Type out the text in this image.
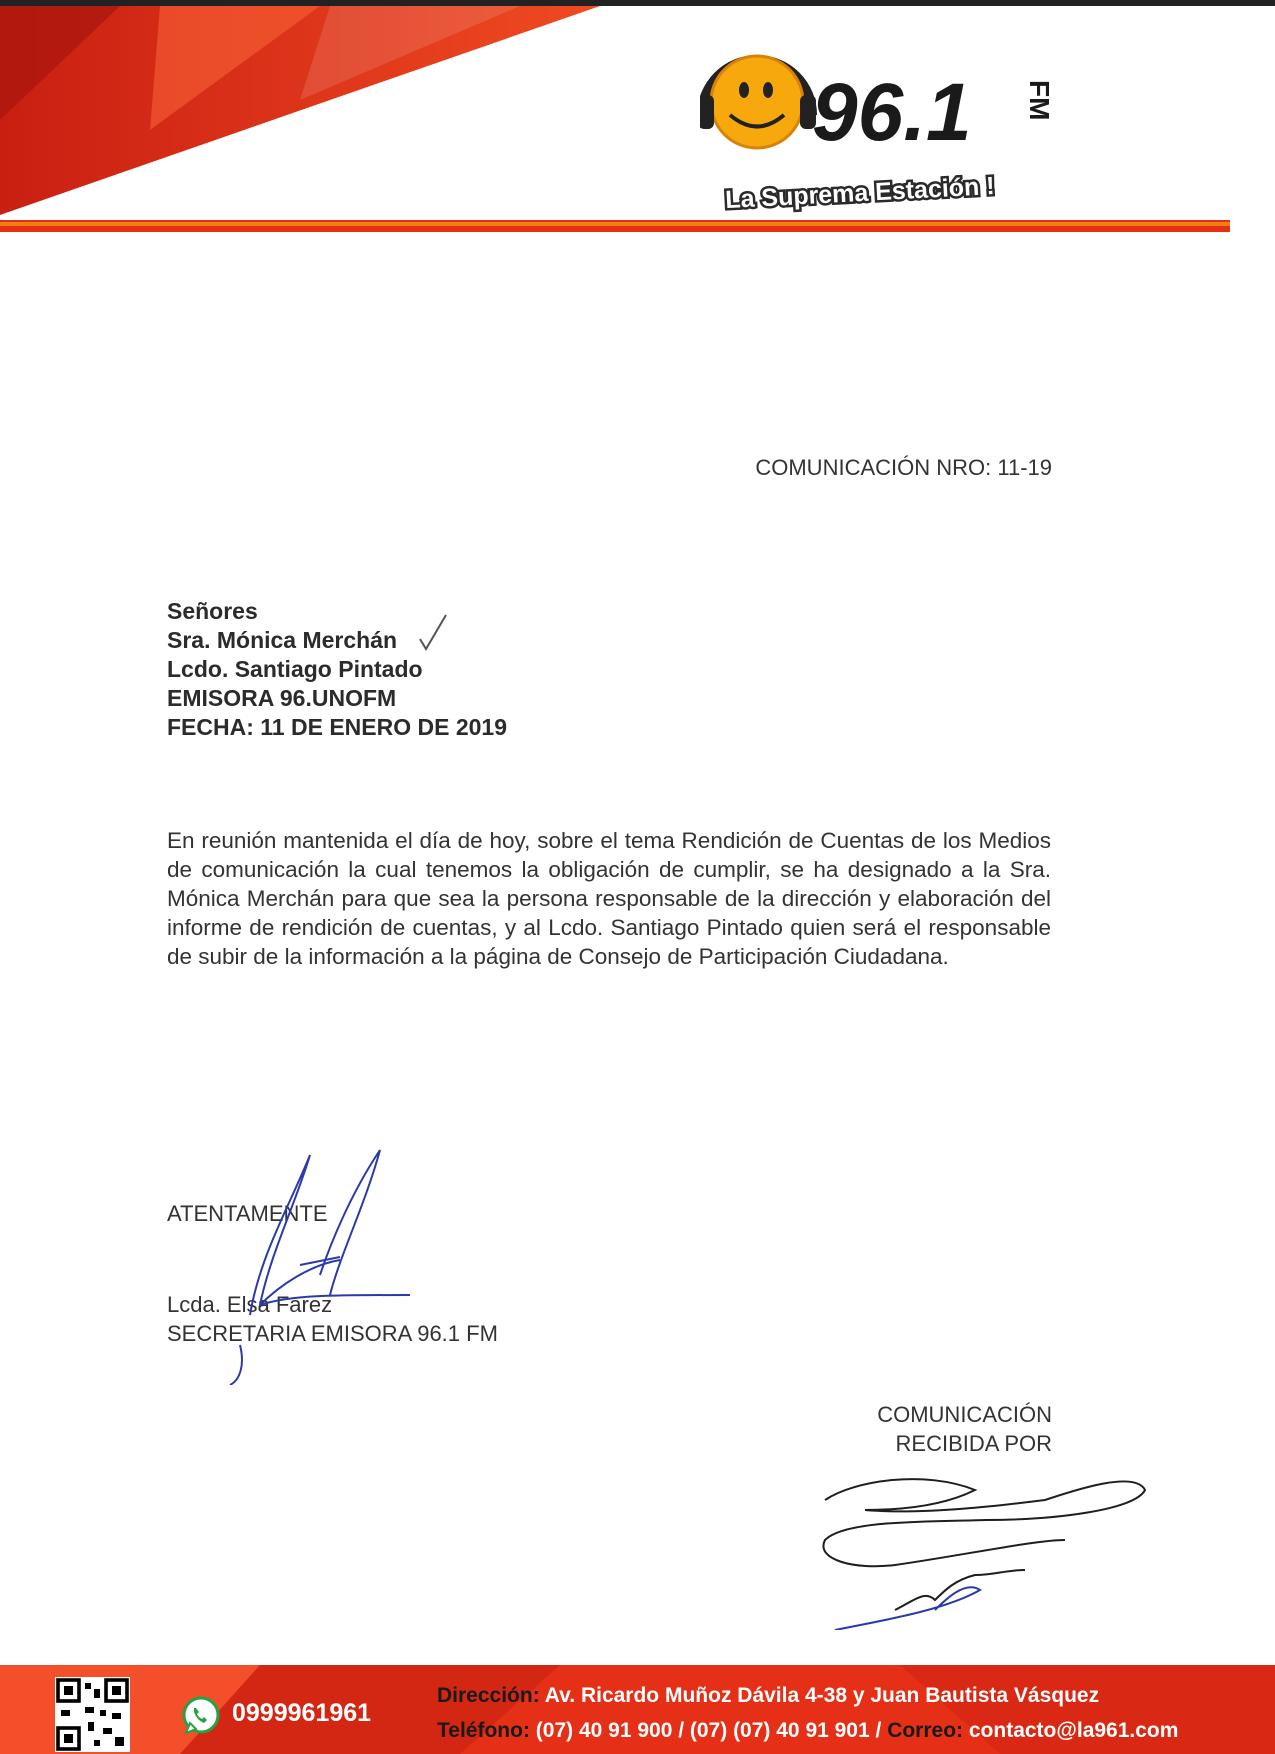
96.1 FM
La Suprema Estación !
COMUNICACIÓN NRO: 11-19
Señores
Sra. Mónica Merchán
Lcdo. Santiago Pintado
EMISORA 96.UNOFM
FECHA: 11 DE ENERO DE 2019
En reunión mantenida el día de hoy, sobre el tema Rendición de Cuentas de los Medios de comunicación la cual tenemos la obligación de cumplir, se ha designado a la Sra. Mónica Merchán para que sea la persona responsable de la dirección y elaboración del informe de rendición de cuentas, y al Lcdo. Santiago Pintado quien será el responsable de subir de la información a la página de Consejo de Participación Ciudadana.
ATENTAMENTE
Lcda. Elsa Farez
SECRETARIA EMISORA 96.1 FM
COMUNICACIÓN
RECIBIDA POR
0999961961
Dirección: Av. Ricardo Muñoz Dávila 4-38 y Juan Bautista Vásquez
Teléfono: (07) 40 91 900 / (07) (07) 40 91 901 / Correo: contacto@la961.com
